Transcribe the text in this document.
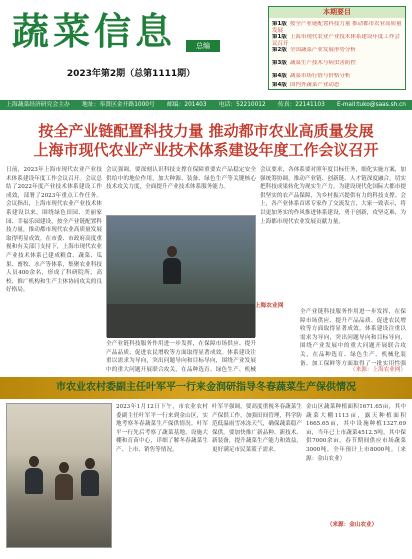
蔬菜信息	总编
2023年第2期（总第1111期）
本期要目
第1版 按全产业链配置科技力量 推动都市农业高质量发展
第1版 上海市现代农业产业技术体系建设年度工作会议召开
第2版 全国蔬菜产业发展形势分析
第3版 蔬菜生产技术与病虫害防控
第4版 蔬菜市场行情与价格分析
第4版 国内外蔬菜产业动态
上海蔬菜经济研究会主办 地址：奉贤区金开路1000号 邮编：201403 电话：52210012 传真：22141103 E-mail:tuko@saas.sh.cn
按全产业链配置科技力量 推动都市农业高质量发展
上海市现代农业产业技术体系建设年度工作会议召开
日前，2023年上海市现代农业产业技术体系建设年度工作会议召开。会议总结了2022年度产业技术体系建设工作成效，部署了2023年重点工作任务。会议指出，上海市现代农业产业技术体系建设以来，围绕绿色田园、美丽家园、幸福乐园建设，按全产业链配置科技力量，推动都市现代农业高质量发展取得明显成效。在市委、市政府高度重视和有关部门支持下，上海市现代农业产业技术体系已建成粮食、蔬菜、瓜果、畜牧、水产等体系，集聚农业科技人员400余名，形成了科研院所、高校、推广机构和生产主体协同攻关的良好格局。
会议强调，要深刻认识科技支撑在保障重要农产品稳定安全供给中的地位作用，加大种源、装备、绿色生产等关键核心技术攻关力度，全面提升产业技术体系服务能力。
全产业链科技服务作用进一步发挥，在保障市场供应、提升产品品质、促进农民增收等方面取得显著成效。体系建设注重以需求为导向，突出问题导向和目标导向，围绕产业发展中的重大问题开展联合攻关，在品种选育、绿色生产、机械
会议要求，各体系要对照年度目标任务，细化实施方案，加强统筹协调，推动产业链、创新链、人才链深度融合，切实把科技成果转化为现实生产力，为建设现代化国际大都市提供坚实的农产品保障，为乡村振兴提供有力的科技支撑。会上，各产业体系首席专家作了交流发言，大家一致表示，将以更加务实的作风推进体系建设，勇于创新，攻坚克难，为上海都市现代农业发展贡献力量。
全产业链科技服务作用进一步发挥，在保障市场供应、提升产品品质、促进农民增收等方面取得显著成效。体系建设注重以需求为导向，突出问题导向和目标导向，围绕产业发展中的重大问题开展联合攻关，在品种选育、绿色生产、机械化装备、加工保鲜等方面取得了一批实用性强
（来源：上海农业网）
上海农业网
市农业农村委副主任叶军平一行来金润研指导冬春蔬菜生产保供情况
2023年1月12日下午，市农业农村委副主任叶军平一行来到金山区，实地考察冬春蔬菜生产保供情况。叶军平一行先后考察了蔬菜基地、设施大棚和育苗中心，详细了解冬春蔬菜生产、上市、销售等情况。
叶军平强调，要高度重视冬春蔬菜生产保供工作，加强田间管理，科学防范低温雨雪冰冻天气，确保蔬菜稳产保供。要加快推广新品种、新技术、新装备，提升蔬菜生产能力和效益，更好满足市民菜篮子需求。
金山区蔬菜种植面积1671.65亩，其中蔬菜大棚1113亩，露天种植面积1665.65亩，其中设施种植1327.69亩，当年已上市蔬菜4512.5吨，其中保供7000余亩，春节期间供应市场蔬菜3000吨，全年预计上市8000吨。（来源：金山农业）
（来源：金山农业）
